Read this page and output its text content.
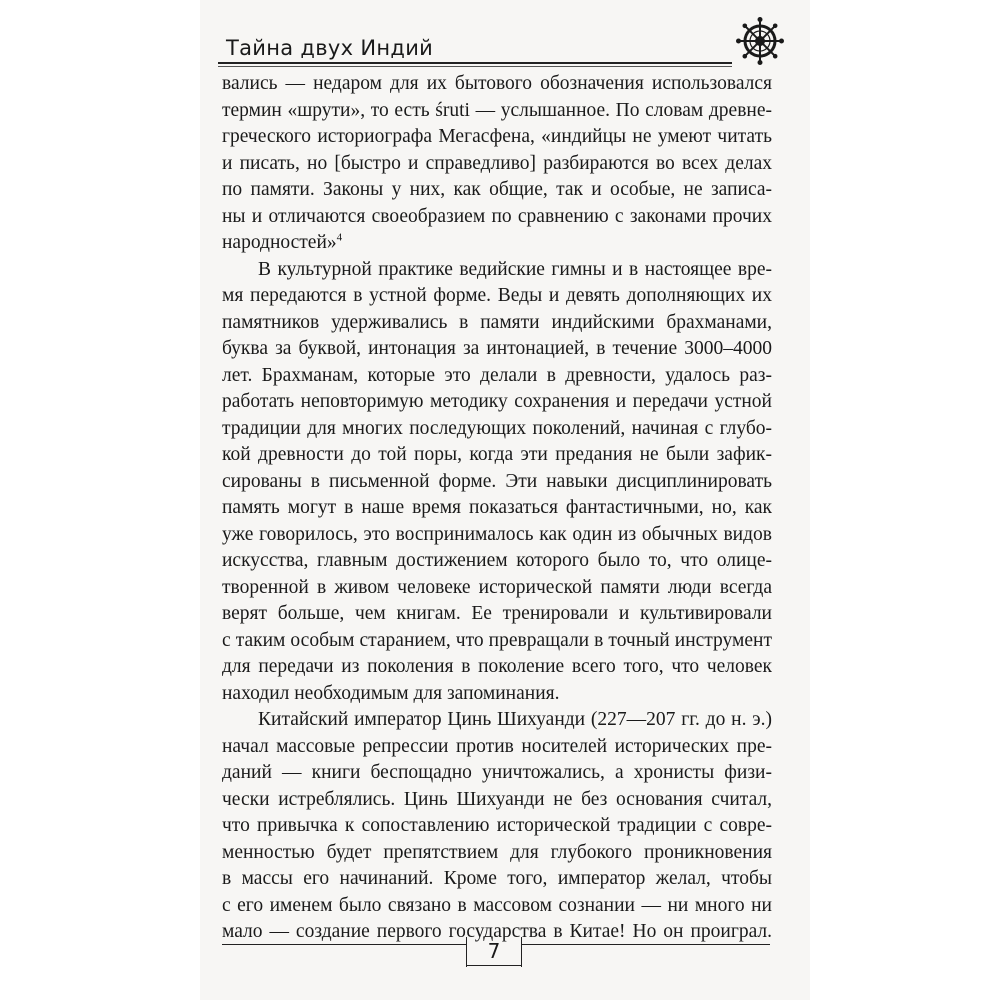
Тайна двух Индий

вались — недаром для их бытового обозначения использовался
термин «шрути», то есть śruti — услышанное. По словам древне-
греческого историографа Мегасфена, «индийцы не умеют читать
и писать, но [быстро и справедливо] разбираются во всех делах
по памяти. Законы у них, как общие, так и особые, не записа-
ны и отличаются своеобразием по сравнению с законами прочих
народностей»$^4$

В культурной практике ведийские гимны и в настоящее вре-
мя передаются в устной форме. Веды и девять дополняющих их
памятников удерживались в памяти индийскими брахманами,
буква за буквой, интонация за интонацией, в течение 3000–4000
лет. Брахманам, которые это делали в древности, удалось раз-
работать неповторимую методику сохранения и передачи устной
традиции для многих последующих поколений, начиная с глубо-
кой древности до той поры, когда эти предания не были зафик-
сированы в письменной форме. Эти навыки дисциплинировать
память могут в наше время показаться фантастичными, но, как
уже говорилось, это воспринималось как один из обычных видов
искусства, главным достижением которого было то, что олице-
творенной в живом человеке исторической памяти люди всегда
верят больше, чем книгам. Ее тренировали и культивировали
с таким особым старанием, что превращали в точный инструмент
для передачи из поколения в поколение всего того, что человек
находил необходимым для запоминания.

Китайский император Цинь Шихуанди (227—207 гг. до н. э.)
начал массовые репрессии против носителей исторических пре-
даний — книги беспощадно уничтожались, а хронисты физи-
чески истреблялись. Цинь Шихуанди не без основания считал,
что привычка к сопоставлению исторической традиции с совре-
менностью будет препятствием для глубокого проникновения
в массы его начинаний. Кроме того, император желал, чтобы
с его именем было связано в массовом сознании — ни много ни
мало — создание первого государства в Китае! Но он проиграл.

7
